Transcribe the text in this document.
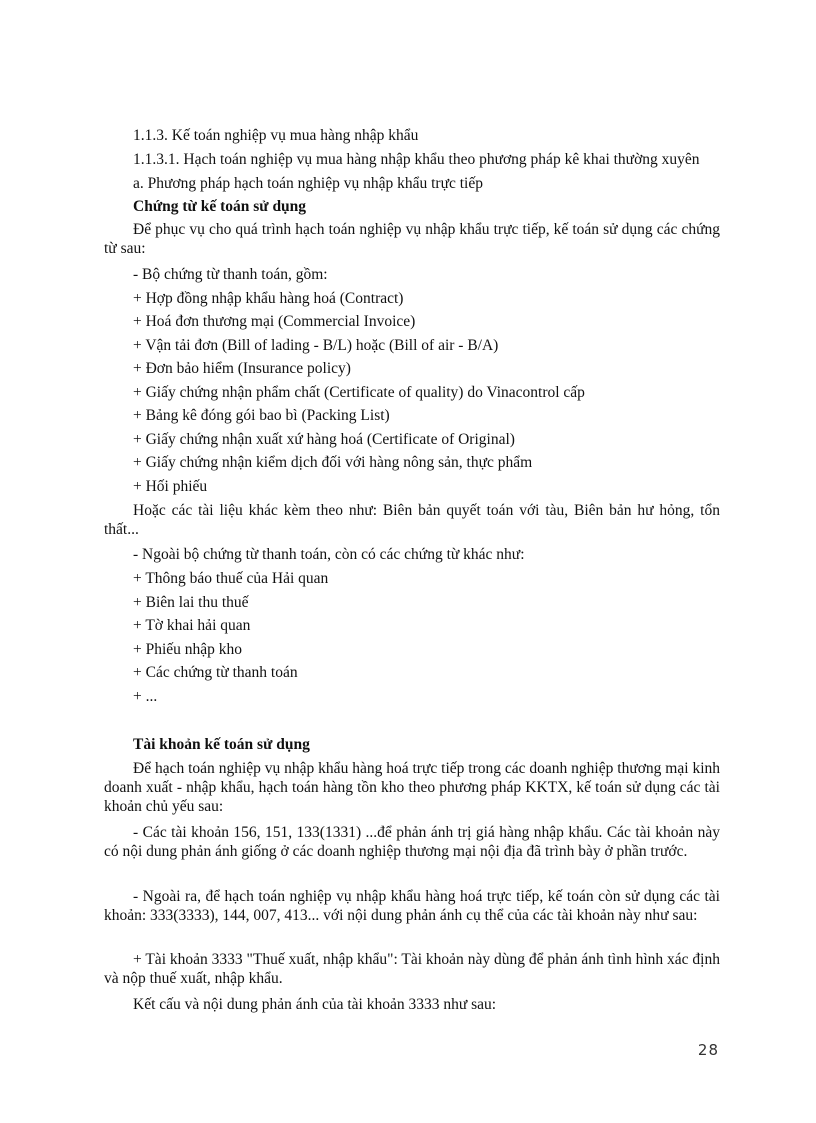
1.1.3. Kế toán nghiệp vụ mua hàng nhập khẩu
1.1.3.1. Hạch toán nghiệp vụ mua hàng nhập khẩu theo phương pháp kê khai thường xuyên
a. Phương pháp hạch toán nghiệp vụ nhập khẩu trực tiếp
Chứng từ kế toán sử dụng
Để phục vụ cho quá trình hạch toán nghiệp vụ nhập khẩu trực tiếp, kế toán sử dụng các chứng từ sau:
- Bộ chứng từ thanh toán, gồm:
+ Hợp đồng nhập khẩu hàng hoá (Contract)
+ Hoá đơn thương mại (Commercial Invoice)
+ Vận tải đơn (Bill of lading - B/L) hoặc (Bill of air - B/A)
+ Đơn bảo hiểm (Insurance policy)
+ Giấy chứng nhận phẩm chất (Certificate of quality) do Vinacontrol cấp
+ Bảng kê đóng gói bao bì (Packing List)
+ Giấy chứng nhận xuất xứ hàng hoá (Certificate of Original)
+ Giấy chứng nhận kiểm dịch đối với hàng nông sản, thực phẩm
+ Hối phiếu
Hoặc các tài liệu khác kèm theo như: Biên bản quyết toán với tàu, Biên bản hư hỏng, tổn thất...
- Ngoài bộ chứng từ thanh toán, còn có các chứng từ khác như:
+ Thông báo thuế của Hải quan
+ Biên lai thu thuế
+ Tờ khai hải quan
+ Phiếu nhập kho
+ Các chứng từ thanh toán
+ ...
Tài khoản kế toán sử dụng
Để hạch toán nghiệp vụ nhập khẩu hàng hoá trực tiếp trong các doanh nghiệp thương mại kinh doanh xuất - nhập khẩu, hạch toán hàng tồn kho theo phương pháp KKTX, kế toán sử dụng các tài khoản chủ yếu sau:
- Các tài khoản 156, 151, 133(1331) ...để phản ánh trị giá hàng nhập khẩu. Các tài khoản này có nội dung phản ánh giống ở các doanh nghiệp thương mại nội địa đã trình bày ở phần trước.
- Ngoài ra, để hạch toán nghiệp vụ nhập khẩu hàng hoá trực tiếp, kế toán còn sử dụng các tài khoản: 333(3333), 144, 007, 413... với nội dung phản ánh cụ thể của các tài khoản này như sau:
+ Tài khoản 3333 "Thuế xuất, nhập khẩu": Tài khoản này dùng để phản ánh tình hình xác định và nộp thuế xuất, nhập khẩu.
Kết cấu và nội dung phản ánh của tài khoản 3333 như sau:
28
